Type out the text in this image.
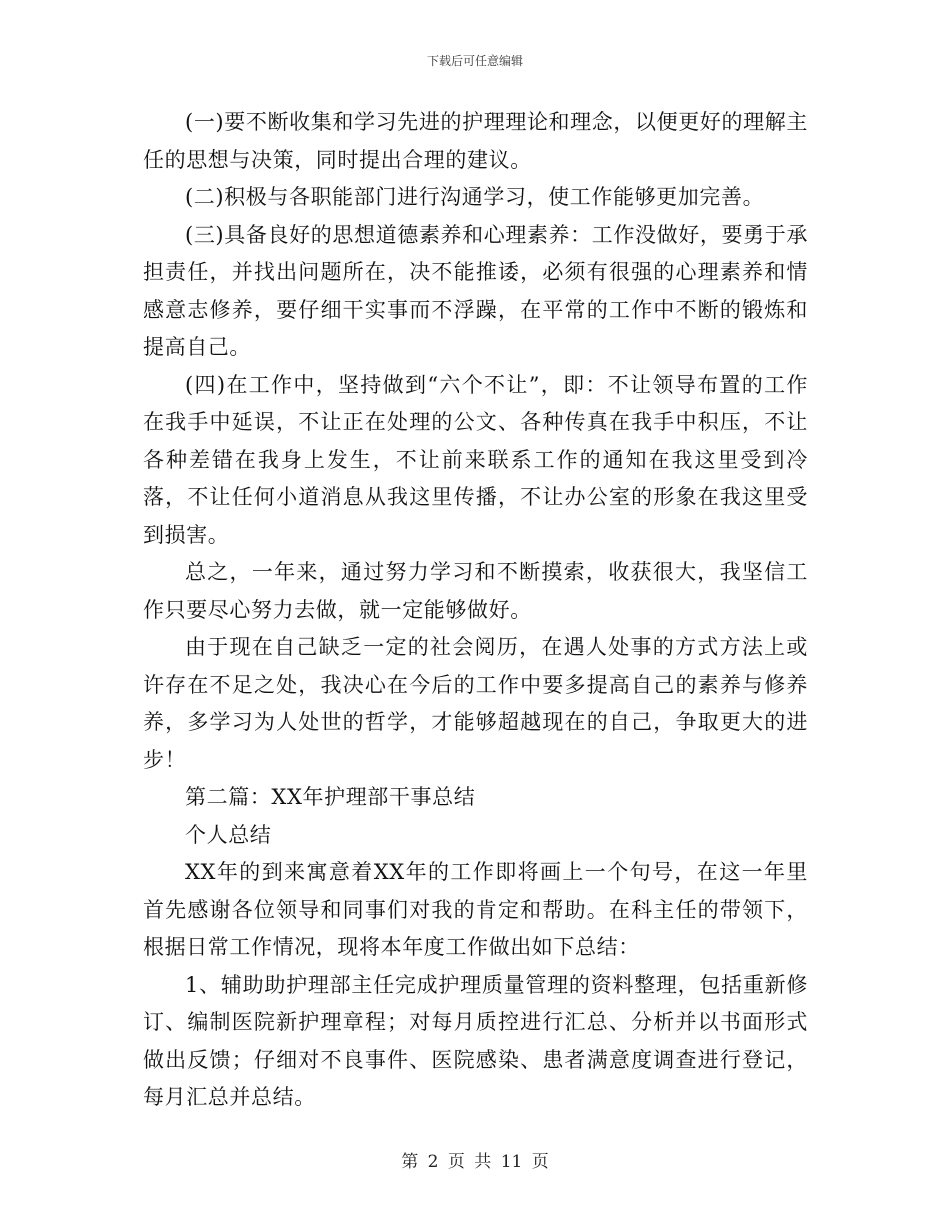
下载后可任意编辑

(一)要不断收集和学习先进的护理理论和理念，以便更好的理解主任的思想与决策，同时提出合理的建议。

(二)积极与各职能部门进行沟通学习，使工作能够更加完善。

(三)具备良好的思想道德素养和心理素养：工作没做好，要勇于承担责任，并找出问题所在，决不能推诿，必须有很强的心理素养和情感意志修养，要仔细干实事而不浮躁，在平常的工作中不断的锻炼和提高自己。

(四)在工作中，坚持做到“六个不让”，即：不让领导布置的工作在我手中延误，不让正在处理的公文、各种传真在我手中积压，不让各种差错在我身上发生，不让前来联系工作的通知在我这里受到冷落，不让任何小道消息从我这里传播，不让办公室的形象在我这里受到损害。

总之，一年来，通过努力学习和不断摸索，收获很大，我坚信工作只要尽心努力去做，就一定能够做好。

由于现在自己缺乏一定的社会阅历，在遇人处事的方式方法上或许存在不足之处，我决心在今后的工作中要多提高自己的素养与修养养，多学习为人处世的哲学，才能够超越现在的自己，争取更大的进步！

第二篇：XX年护理部干事总结

个人总结

XX年的到来寓意着XX年的工作即将画上一个句号，在这一年里首先感谢各位领导和同事们对我的肯定和帮助。在科主任的带领下，根据日常工作情况，现将本年度工作做出如下总结：

1、辅助助护理部主任完成护理质量管理的资料整理，包括重新修订、编制医院新护理章程；对每月质控进行汇总、分析并以书面形式做出反馈；仔细对不良事件、医院感染、患者满意度调查进行登记，每月汇总并总结。

第 2 页 共 11 页
